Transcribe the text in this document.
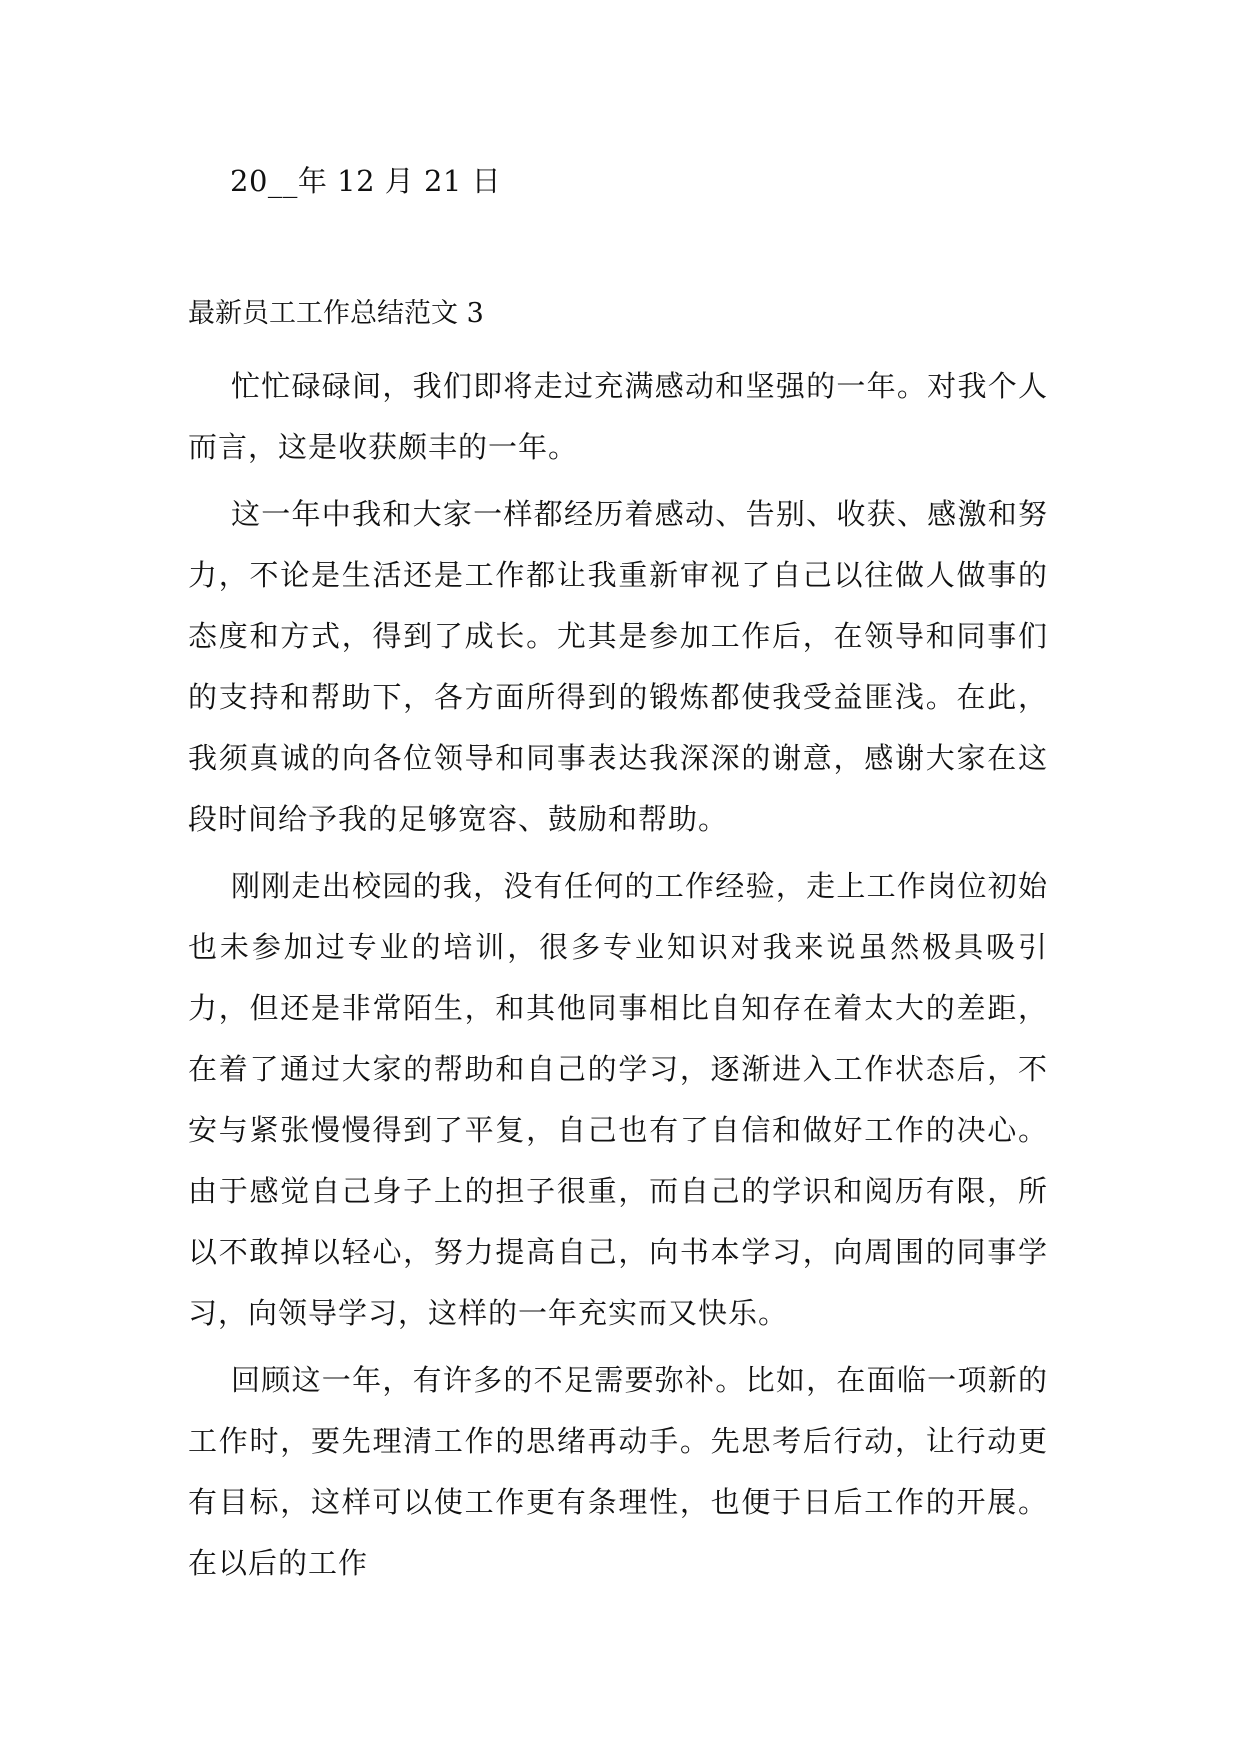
20__年 12 月 21 日
最新员工工作总结范文 3

忙忙碌碌间，我们即将走过充满感动和坚强的一年。对我个人而言，这是收获颇丰的一年。

这一年中我和大家一样都经历着感动、告别、收获、感激和努力，不论是生活还是工作都让我重新审视了自己以往做人做事的态度和方式，得到了成长。尤其是参加工作后，在领导和同事们的支持和帮助下，各方面所得到的锻炼都使我受益匪浅。在此，我须真诚的向各位领导和同事表达我深深的谢意，感谢大家在这段时间给予我的足够宽容、鼓励和帮助。

刚刚走出校园的我，没有任何的工作经验，走上工作岗位初始也未参加过专业的培训，很多专业知识对我来说虽然极具吸引力，但还是非常陌生，和其他同事相比自知存在着太大的差距，在着了通过大家的帮助和自己的学习，逐渐进入工作状态后，不安与紧张慢慢得到了平复，自己也有了自信和做好工作的决心。由于感觉自己身子上的担子很重，而自己的学识和阅历有限，所以不敢掉以轻心，努力提高自己，向书本学习，向周围的同事学习，向领导学习，这样的一年充实而又快乐。

回顾这一年，有许多的不足需要弥补。比如，在面临一项新的工作时，要先理清工作的思绪再动手。先思考后行动，让行动更有目标，这样可以使工作更有条理性，也便于日后工作的开展。在以后的工作
